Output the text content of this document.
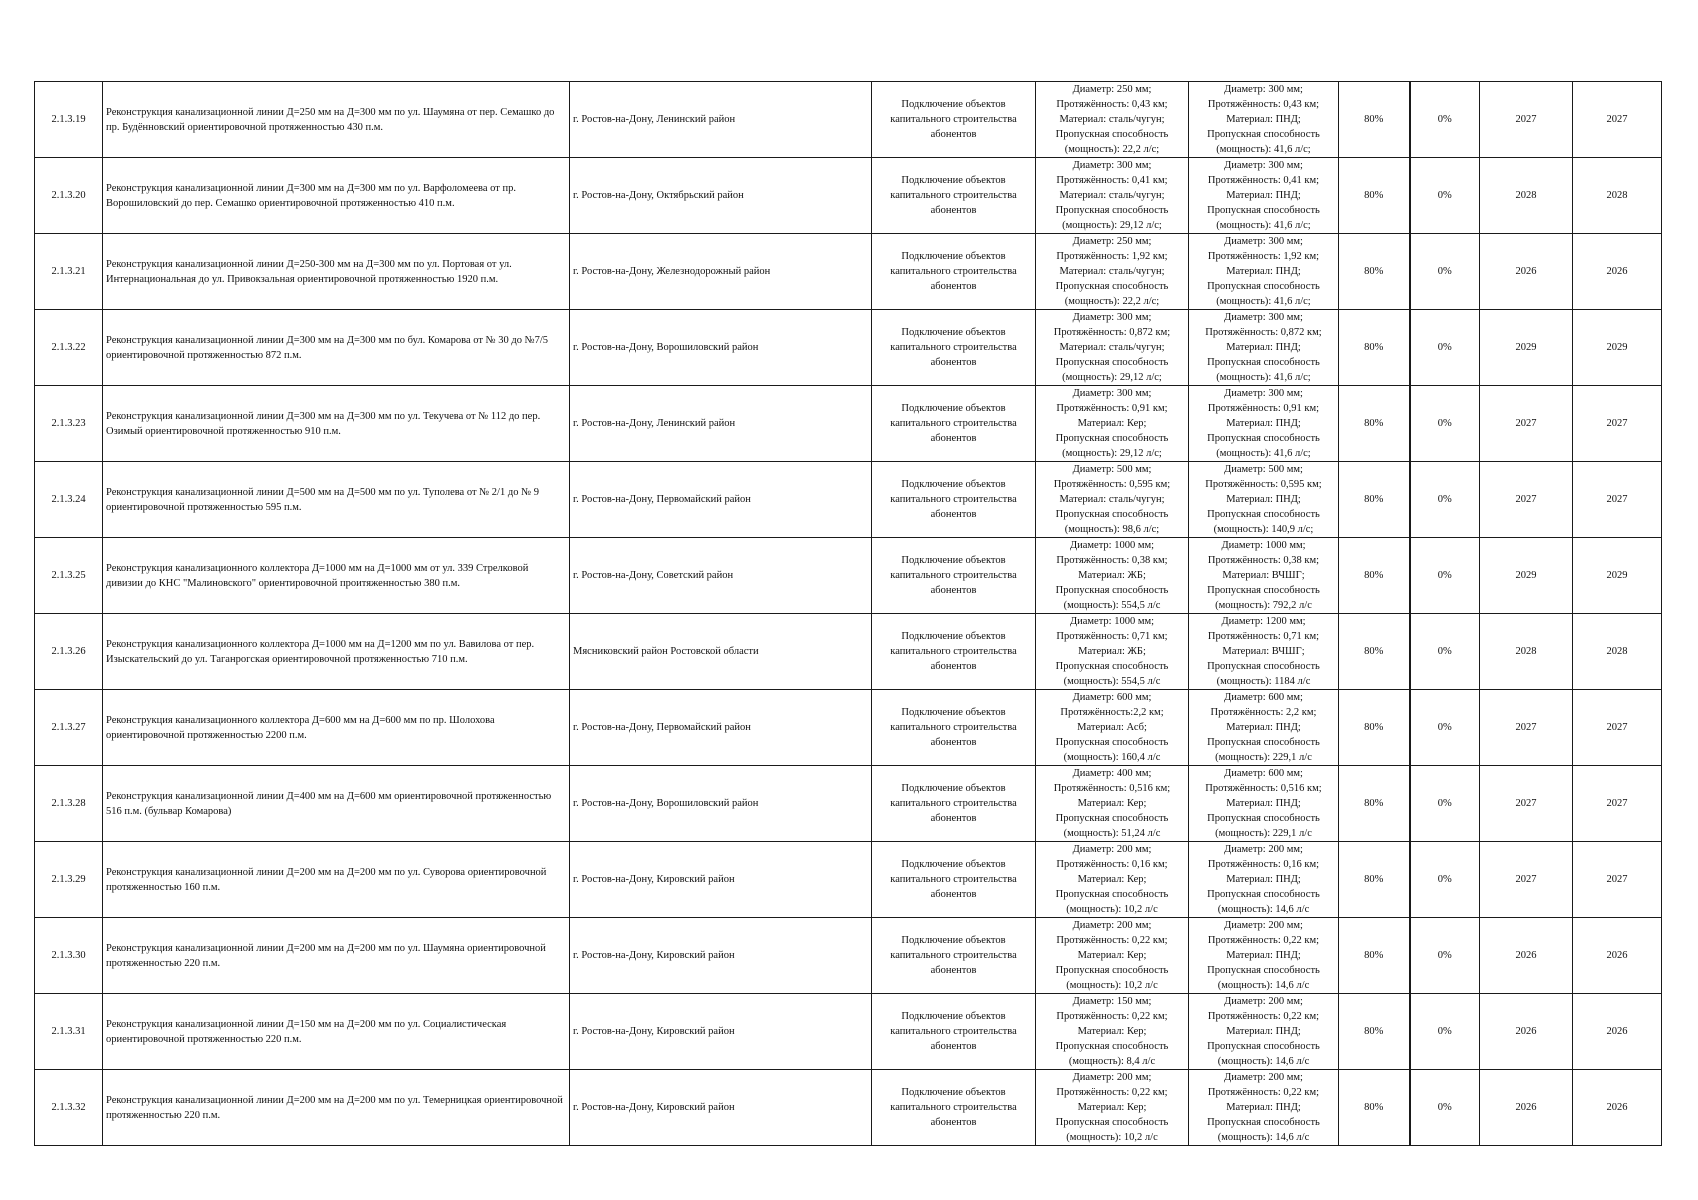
2.1.3.19	Реконструкция канализационной линии Д=250 мм на Д=300 мм по ул. Шаумяна от пер. Семашко до пр. Будённовский ориентировочной протяженностью 430 п.м.	г. Ростов-на-Дону, Ленинский район	Подключение объектов капитального строительства абонентов	Диаметр: 250 мм;
Протяжённость: 0,43 км;
Материал: сталь/чугун;
Пропускная способность
(мощность): 22,2 л/с;	Диаметр: 300 мм;
Протяжённость: 0,43 км;
Материал: ПНД;
Пропускная способность
(мощность): 41,6 л/с;	80%	0%	2027	2027
2.1.3.20	Реконструкция канализационной линии Д=300 мм на Д=300 мм по ул. Варфоломеева от пр. Ворошиловский до пер. Семашко ориентировочной протяженностью 410 п.м.	г. Ростов-на-Дону, Октябрьский район	Подключение объектов капитального строительства абонентов	Диаметр: 300 мм;
Протяжённость: 0,41 км;
Материал: сталь/чугун;
Пропускная способность
(мощность): 29,12 л/с;	Диаметр: 300 мм;
Протяжённость: 0,41 км;
Материал: ПНД;
Пропускная способность
(мощность): 41,6 л/с;	80%	0%	2028	2028
2.1.3.21	Реконструкция канализационной линии Д=250-300 мм на Д=300 мм по ул. Портовая от ул. Интернациональная до ул. Привокзальная ориентировочной протяженностью 1920 п.м.	г. Ростов-на-Дону, Железнодорожный район	Подключение объектов капитального строительства абонентов	Диаметр: 250 мм;
Протяжённость: 1,92 км;
Материал: сталь/чугун;
Пропускная способность
(мощность): 22,2 л/с;	Диаметр: 300 мм;
Протяжённость: 1,92 км;
Материал: ПНД;
Пропускная способность
(мощность): 41,6 л/с;	80%	0%	2026	2026
2.1.3.22	Реконструкция канализационной линии Д=300 мм на Д=300 мм по бул. Комарова от № 30 до №7/5 ориентировочной протяженностью 872 п.м.	г. Ростов-на-Дону, Ворошиловский район	Подключение объектов капитального строительства абонентов	Диаметр: 300 мм;
Протяжённость: 0,872 км;
Материал: сталь/чугун;
Пропускная способность
(мощность): 29,12 л/с;	Диаметр: 300 мм;
Протяжённость: 0,872 км;
Материал: ПНД;
Пропускная способность
(мощность): 41,6 л/с;	80%	0%	2029	2029
2.1.3.23	Реконструкция канализационной линии Д=300 мм на Д=300 мм по ул. Текучева от № 112 до пер. Озимый ориентировочной протяженностью 910 п.м.	г. Ростов-на-Дону, Ленинский район	Подключение объектов капитального строительства абонентов	Диаметр: 300 мм;
Протяжённость: 0,91 км;
Материал: Кер;
Пропускная способность
(мощность): 29,12 л/с;	Диаметр: 300 мм;
Протяжённость: 0,91 км;
Материал: ПНД;
Пропускная способность
(мощность): 41,6 л/с;	80%	0%	2027	2027
2.1.3.24	Реконструкция канализационной линии Д=500 мм на Д=500 мм по ул. Туполева от № 2/1 до № 9 ориентировочной протяженностью 595 п.м.	г. Ростов-на-Дону, Первомайский район	Подключение объектов капитального строительства абонентов	Диаметр: 500 мм;
Протяжённость: 0,595 км;
Материал: сталь/чугун;
Пропускная способность
(мощность): 98,6 л/с;	Диаметр: 500 мм;
Протяжённость: 0,595 км;
Материал: ПНД;
Пропускная способность
(мощность): 140,9 л/с;	80%	0%	2027	2027
2.1.3.25	Реконструкция канализационного коллектора Д=1000 мм на Д=1000 мм от ул. 339 Стрелковой дивизии до КНС "Малиновского" ориентировочной проитяженностью 380 п.м.	г. Ростов-на-Дону, Советский район	Подключение объектов капитального строительства абонентов	Диаметр: 1000 мм;
Протяжённость: 0,38 км;
Материал: ЖБ;
Пропускная способность
(мощность): 554,5 л/с	Диаметр: 1000 мм;
Протяжённость: 0,38 км;
Материал: ВЧШГ;
Пропускная способность
(мощность): 792,2 л/с	80%	0%	2029	2029
2.1.3.26	Реконструкция канализационного коллектора Д=1000 мм на Д=1200 мм по ул. Вавилова от пер. Изыскательский до ул. Таганрогская ориентировочной протяженностью 710 п.м.	Мясниковский район Ростовской области	Подключение объектов капитального строительства абонентов	Диаметр: 1000 мм;
Протяжённость: 0,71 км;
Материал: ЖБ;
Пропускная способность
(мощность): 554,5 л/с	Диаметр: 1200 мм;
Протяжённость: 0,71 км;
Материал: ВЧШГ;
Пропускная способность
(мощность): 1184 л/с	80%	0%	2028	2028
2.1.3.27	Реконструкция канализационного коллектора Д=600 мм на Д=600 мм по пр. Шолохова ориентировочной протяженностью 2200 п.м.	г. Ростов-на-Дону, Первомайский район	Подключение объектов капитального строительства абонентов	Диаметр: 600 мм;
Протяжённость:2,2 км;
Материал: Асб;
Пропускная способность
(мощность): 160,4 л/с	Диаметр: 600 мм;
Протяжённость: 2,2 км;
Материал: ПНД;
Пропускная способность
(мощность): 229,1 л/с	80%	0%	2027	2027
2.1.3.28	Реконструкция канализационной линии Д=400 мм на Д=600 мм ориентировочной протяженностью 516 п.м. (бульвар Комарова)	г. Ростов-на-Дону, Ворошиловский район	Подключение объектов капитального строительства абонентов	Диаметр: 400 мм;
Протяжённость: 0,516 км;
Материал: Кер;
Пропускная способность
(мощность): 51,24 л/с	Диаметр: 600 мм;
Протяжённость: 0,516 км;
Материал: ПНД;
Пропускная способность
(мощность): 229,1 л/с	80%	0%	2027	2027
2.1.3.29	Реконструкция канализационной линии Д=200 мм на Д=200 мм по ул. Суворова ориентировочной протяженностью 160 п.м.	г. Ростов-на-Дону, Кировский район	Подключение объектов капитального строительства абонентов	Диаметр: 200 мм;
Протяжённость: 0,16 км;
Материал: Кер;
Пропускная способность
(мощность): 10,2 л/с	Диаметр: 200 мм;
Протяжённость: 0,16 км;
Материал: ПНД;
Пропускная способность
(мощность): 14,6 л/с	80%	0%	2027	2027
2.1.3.30	Реконструкция канализационной линии Д=200 мм на Д=200 мм по ул. Шаумяна ориентировочной протяженностью 220 п.м.	г. Ростов-на-Дону, Кировский район	Подключение объектов капитального строительства абонентов	Диаметр: 200 мм;
Протяжённость: 0,22 км;
Материал: Кер;
Пропускная способность
(мощность): 10,2 л/с	Диаметр: 200 мм;
Протяжённость: 0,22 км;
Материал: ПНД;
Пропускная способность
(мощность): 14,6 л/с	80%	0%	2026	2026
2.1.3.31	Реконструкция канализационной линии Д=150 мм на Д=200 мм по ул. Социалистическая ориентировочной протяженностью 220 п.м.	г. Ростов-на-Дону, Кировский район	Подключение объектов капитального строительства абонентов	Диаметр: 150 мм;
Протяжённость: 0,22 км;
Материал: Кер;
Пропускная способность
(мощность): 8,4 л/с	Диаметр: 200 мм;
Протяжённость: 0,22 км;
Материал: ПНД;
Пропускная способность
(мощность): 14,6 л/с	80%	0%	2026	2026
2.1.3.32	Реконструкция канализационной линии Д=200 мм на Д=200 мм по ул. Темерницкая ориентировочной протяженностью 220 п.м.	г. Ростов-на-Дону, Кировский район	Подключение объектов капитального строительства абонентов	Диаметр: 200 мм;
Протяжённость: 0,22 км;
Материал: Кер;
Пропускная способность
(мощность): 10,2 л/с	Диаметр: 200 мм;
Протяжённость: 0,22 км;
Материал: ПНД;
Пропускная способность
(мощность): 14,6 л/с	80%	0%	2026	2026
